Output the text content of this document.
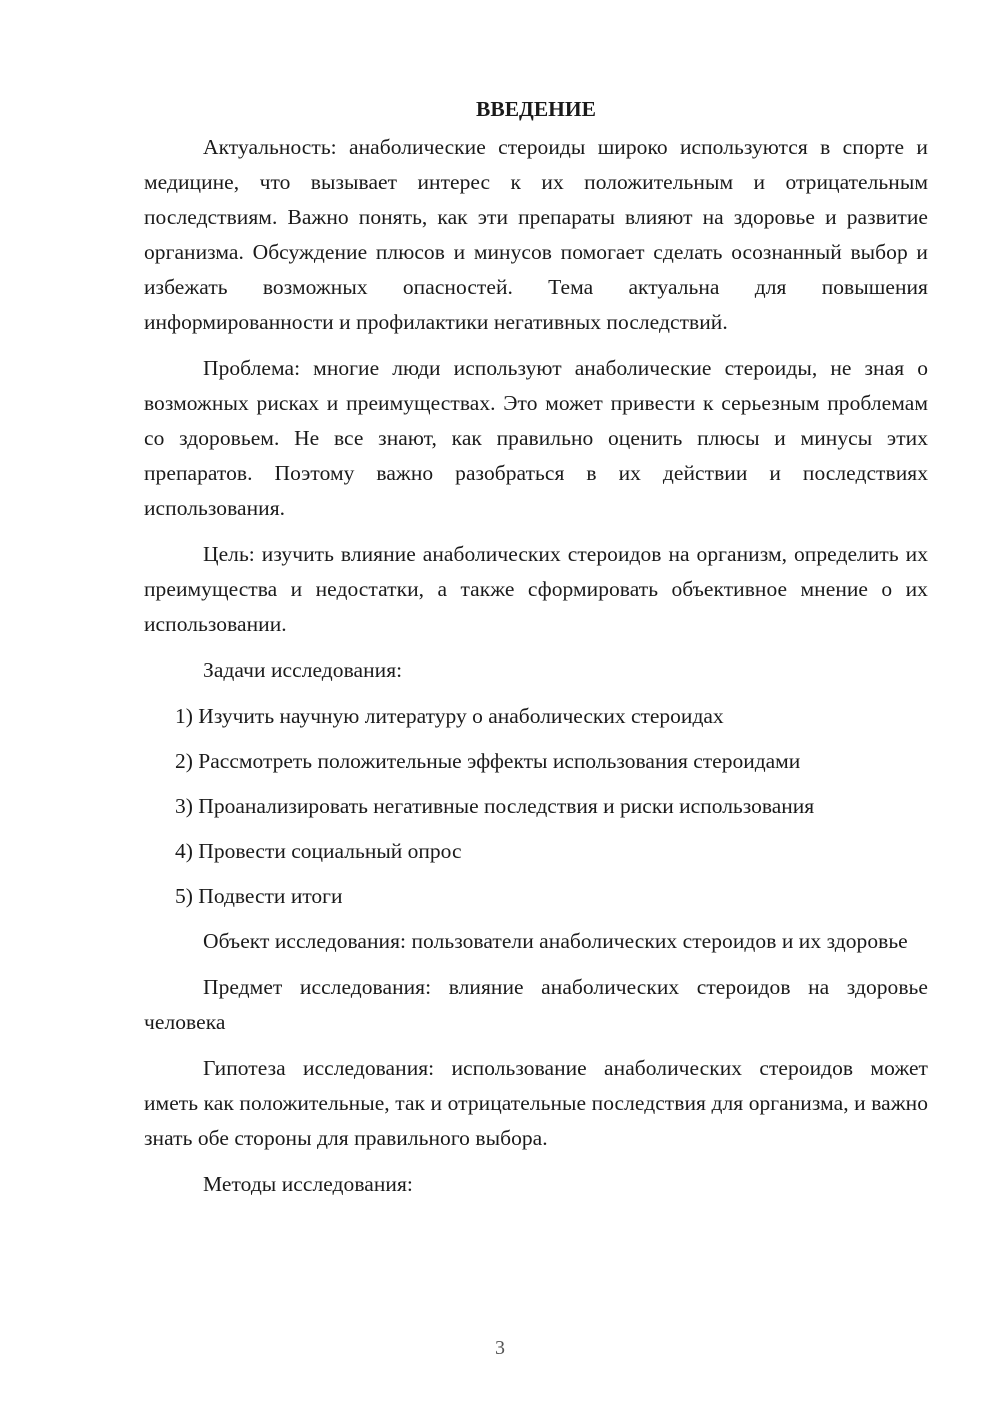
ВВЕДЕНИЕ

Актуальность: анаболические стероиды широко используются в спорте и медицине, что вызывает интерес к их положительным и отрицательным последствиям. Важно понять, как эти препараты влияют на здоровье и развитие организма. Обсуждение плюсов и минусов помогает сделать осознанный выбор и избежать возможных опасностей. Тема актуальна для повышения информированности и профилактики негативных последствий.

Проблема: многие люди используют анаболические стероиды, не зная о возможных рисках и преимуществах. Это может привести к серьезным проблемам со здоровьем. Не все знают, как правильно оценить плюсы и минусы этих препаратов. Поэтому важно разобраться в их действии и последствиях использования.

Цель: изучить влияние анаболических стероидов на организм, определить их преимущества и недостатки, а также сформировать объективное мнение о их использовании.

Задачи исследования:

1) Изучить научную литературу о анаболических стероидах
2) Рассмотреть положительные эффекты использования стероидами
3) Проанализировать негативные последствия и риски использования
4) Провести социальный опрос
5) Подвести итоги

Объект исследования: пользователи анаболических стероидов и их здоровье

Предмет исследования: влияние анаболических стероидов на здоровье человека

Гипотеза исследования: использование анаболических стероидов может иметь как положительные, так и отрицательные последствия для организма, и важно знать обе стороны для правильного выбора.

Методы исследования:

3
